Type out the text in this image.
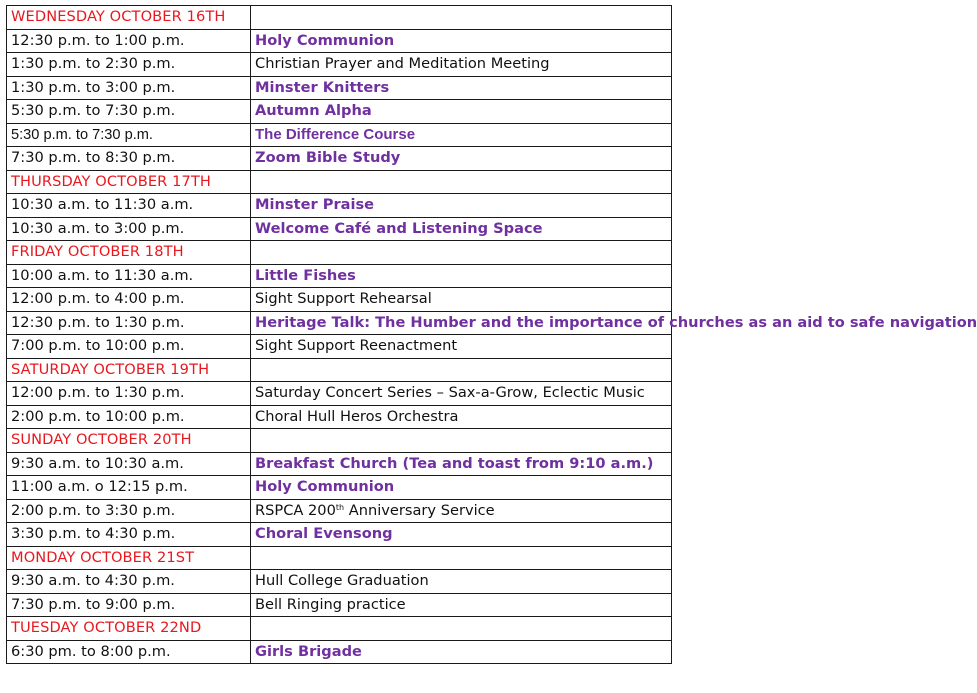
WEDNESDAY OCTOBER 16TH	
12:30 p.m. to 1:00 p.m.	Holy Communion
1:30 p.m. to 2:30 p.m.	Christian Prayer and Meditation Meeting
1:30 p.m. to 3:00 p.m.	Minster Knitters
5:30 p.m. to 7:30 p.m.	Autumn Alpha
5:30 p.m. to 7:30 p.m.	The Difference Course
7:30 p.m. to 8:30 p.m.	Zoom Bible Study
THURSDAY OCTOBER 17TH	
10:30 a.m. to 11:30 a.m.	Minster Praise
10:30 a.m. to 3:00 p.m.	Welcome Café and Listening Space
FRIDAY OCTOBER 18TH	
10:00 a.m. to 11:30 a.m.	Little Fishes
12:00 p.m. to 4:00 p.m.	Sight Support Rehearsal
12:30 p.m. to 1:30 p.m.	Heritage Talk: The Humber and the importance of churches as an aid to safe navigation
7:00 p.m. to 10:00 p.m.	Sight Support Reenactment
SATURDAY OCTOBER 19TH	
12:00 p.m. to 1:30 p.m.	Saturday Concert Series – Sax-a-Grow, Eclectic Music
2:00 p.m. to 10:00 p.m.	Choral Hull Heros Orchestra
SUNDAY OCTOBER 20TH	
9:30 a.m. to 10:30 a.m.	Breakfast Church (Tea and toast from 9:10 a.m.)
11:00 a.m. o 12:15 p.m.	Holy Communion
2:00 p.m. to 3:30 p.m.	RSPCA 200th Anniversary Service
3:30 p.m. to 4:30 p.m.	Choral Evensong
MONDAY OCTOBER 21ST	
9:30 a.m. to 4:30 p.m.	Hull College Graduation
7:30 p.m. to 9:00 p.m.	Bell Ringing practice
TUESDAY OCTOBER 22ND	
6:30 pm. to 8:00 p.m.	Girls Brigade
